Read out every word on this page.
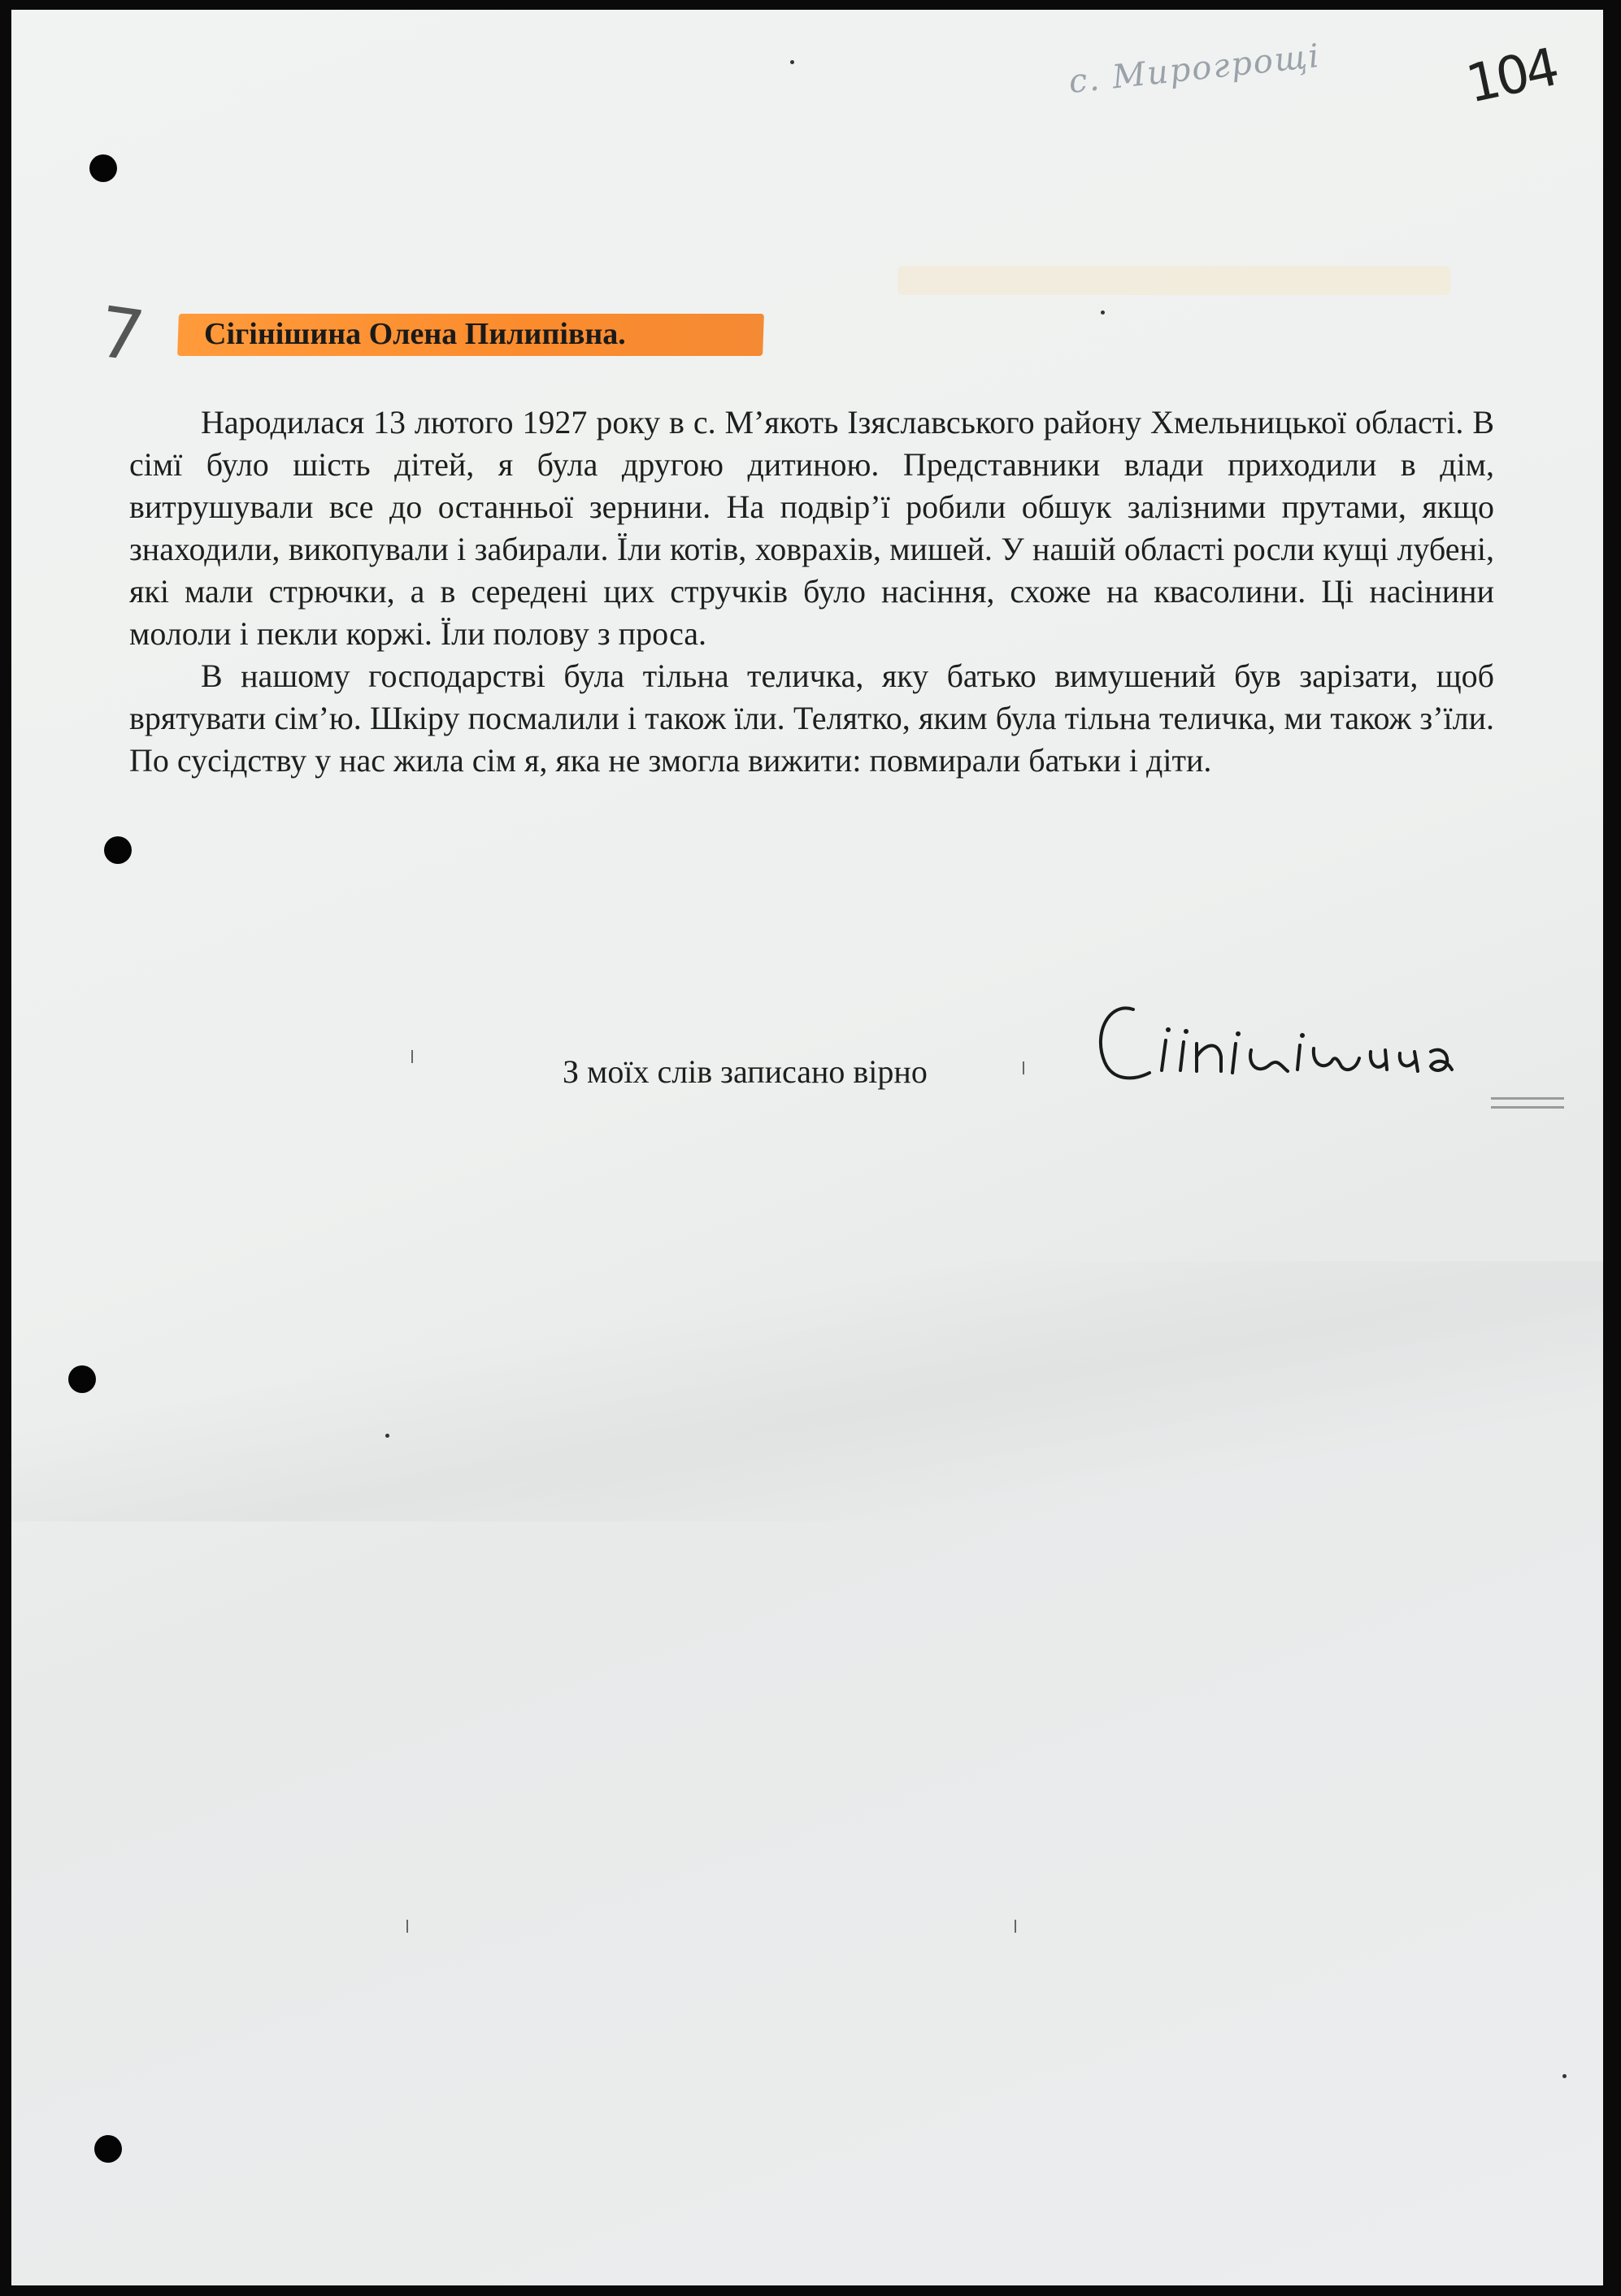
с. Мирогрощі	104
7 Сігінішина Олена Пилипівна.

Народилася 13 лютого 1927 року в с. М’якоть Ізяславського району Хмельницької області. В сімї було шість дітей, я була другою дитиною. Представники влади приходили в дім, витрушували все до останньої зернини. На подвір’ї робили обшук залізними прутами, якщо знаходили, викопували і забирали. Їли котів, ховрахів, мишей. У нашій області росли кущі лубені, які мали стрючки, а в середені цих стручків було насіння, схоже на квасолини. Ці насінини мололи і пекли коржі. Їли полову з проса.

В нашому господарстві була тільна теличка, яку батько вимушений був зарізати, щоб врятувати сім’ю. Шкіру посмалили і також їли. Телятко, яким була тільна теличка, ми також з’їли. По сусідству у нас жила сім я, яка не змогла вижити: повмирали батьки і діти.

З моїх слів записано вірно
